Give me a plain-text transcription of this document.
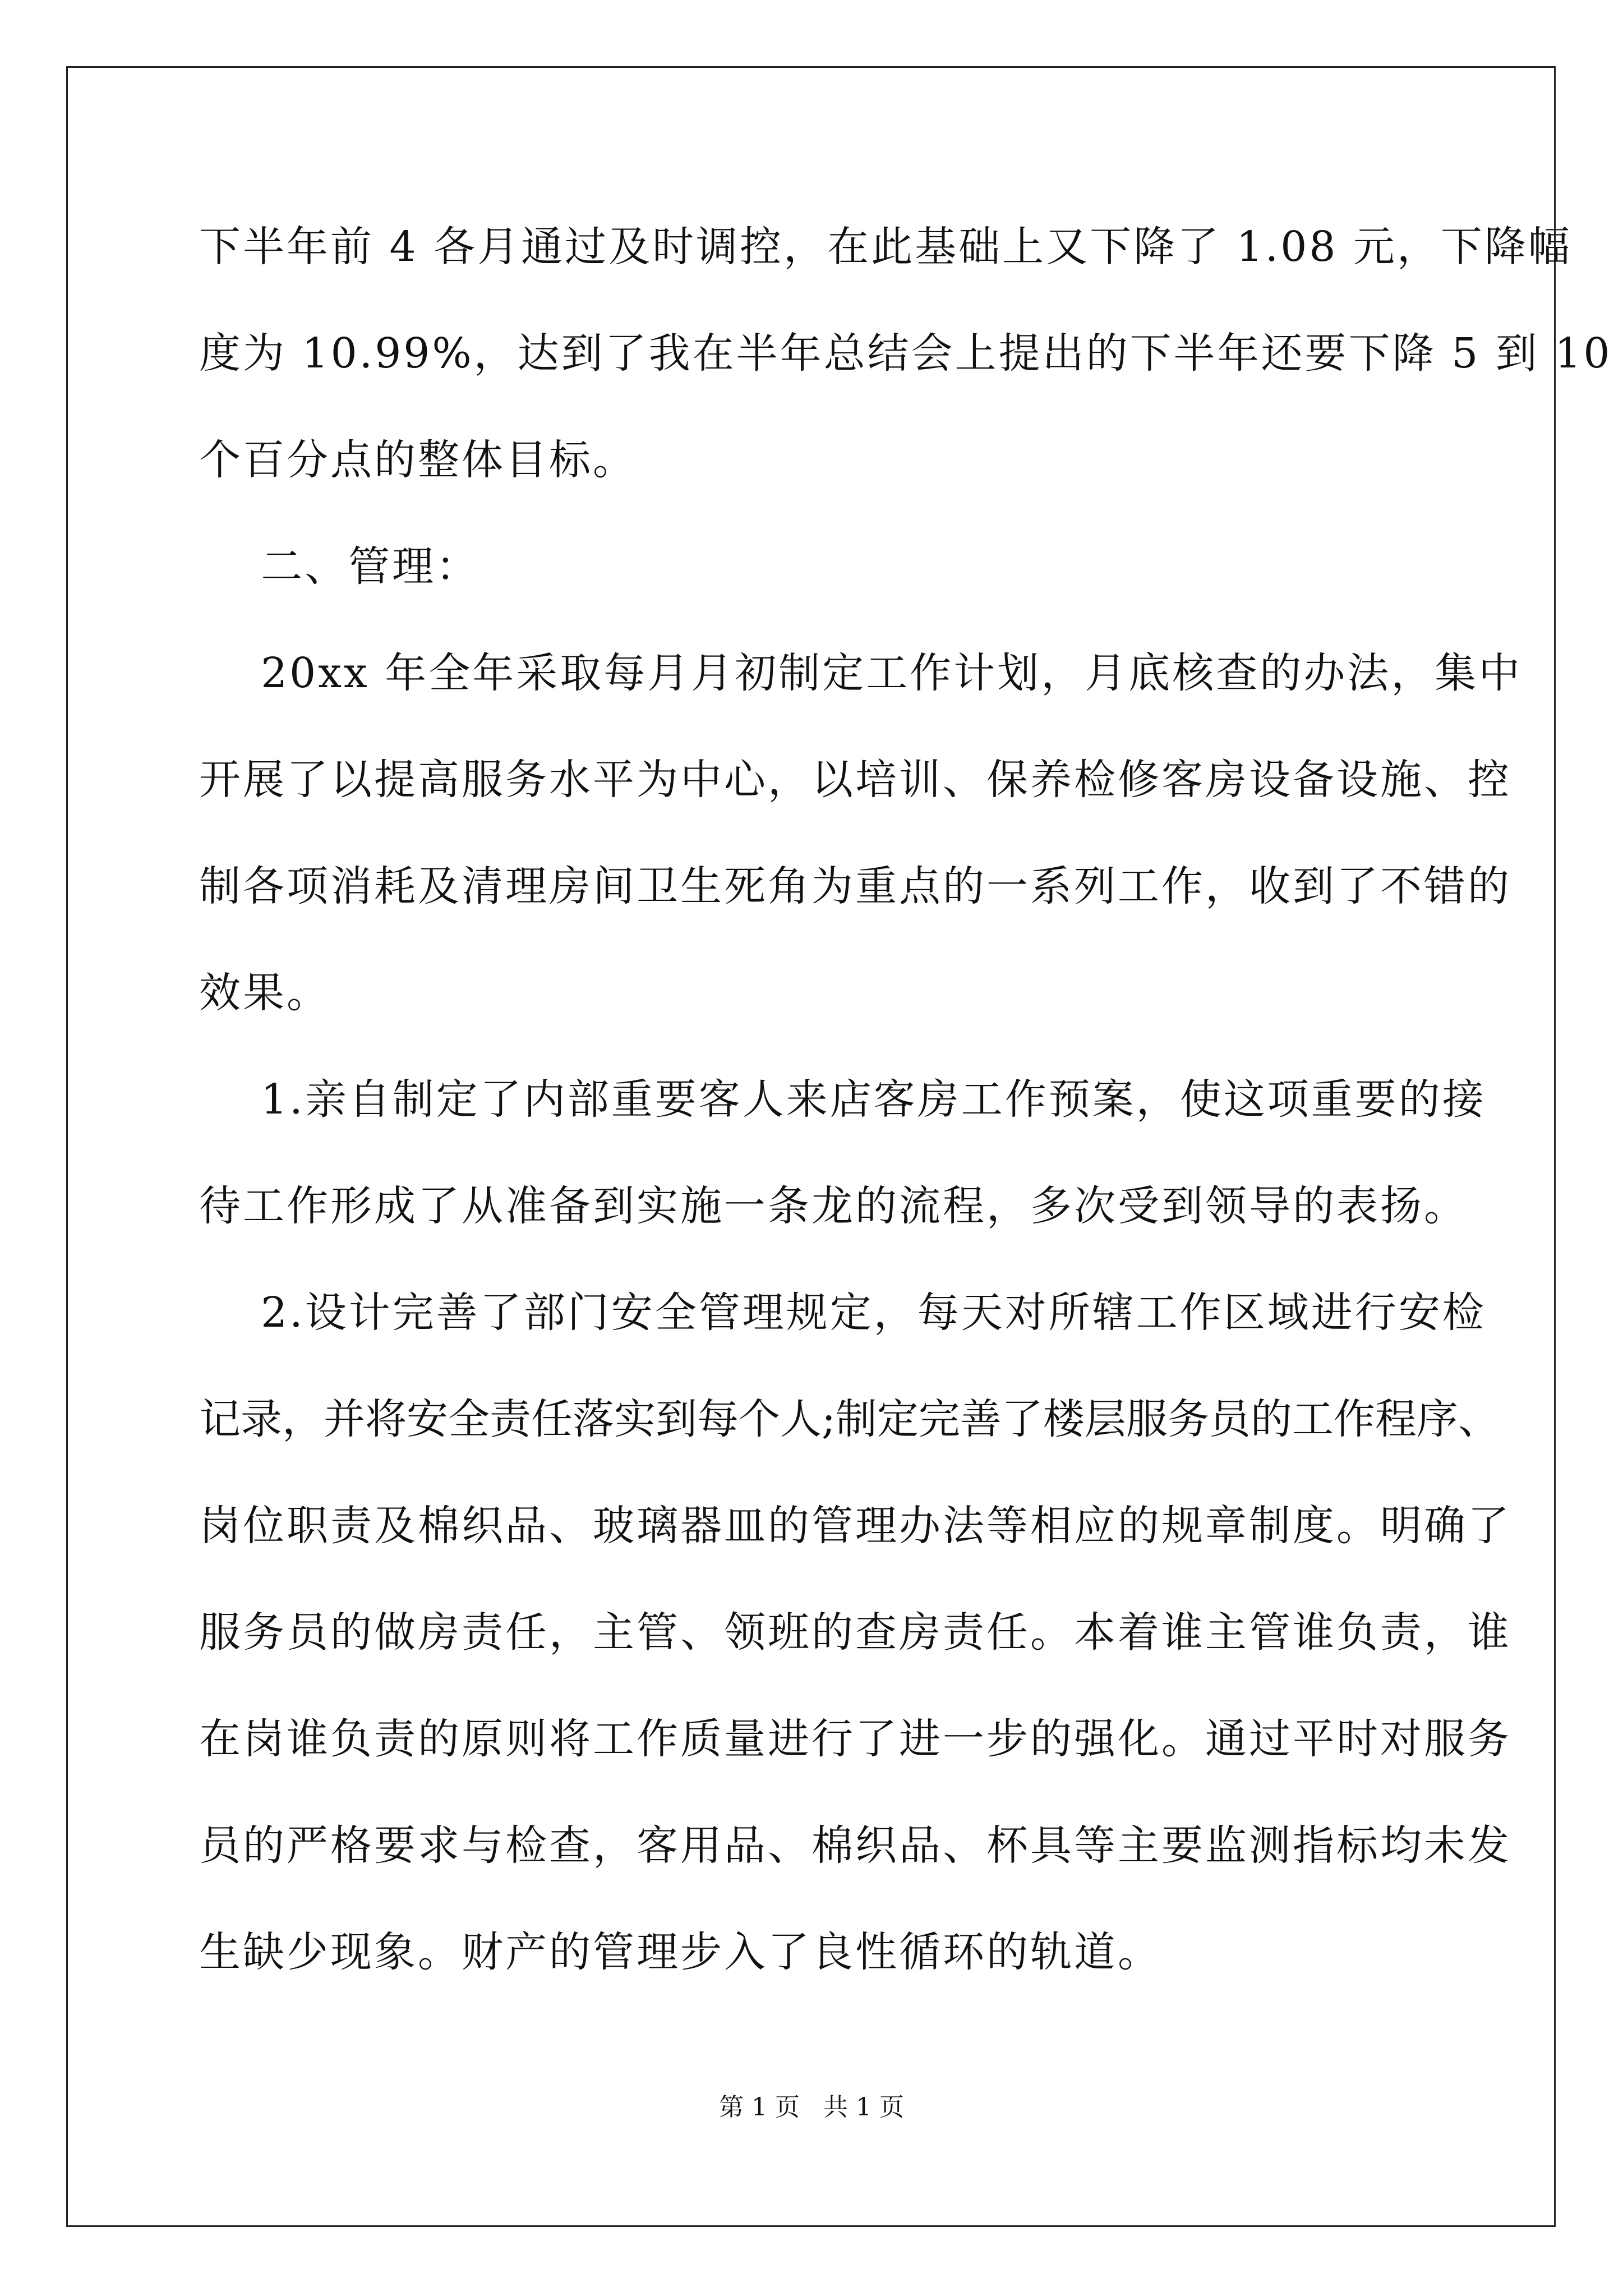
下半年前 4 各月通过及时调控，在此基础上又下降了 1.08 元，下降幅
度为 10.99%，达到了我在半年总结会上提出的下半年还要下降 5 到 10
个百分点的整体目标。
二、管理：
20xx 年全年采取每月月初制定工作计划，月底核查的办法，集中
开展了以提高服务水平为中心，以培训、保养检修客房设备设施、控
制各项消耗及清理房间卫生死角为重点的一系列工作，收到了不错的
效果。
1.亲自制定了内部重要客人来店客房工作预案，使这项重要的接
待工作形成了从准备到实施一条龙的流程，多次受到领导的表扬。
2.设计完善了部门安全管理规定，每天对所辖工作区域进行安检
记录，并将安全责任落实到每个人;制定完善了楼层服务员的工作程序、
岗位职责及棉织品、玻璃器皿的管理办法等相应的规章制度。明确了
服务员的做房责任，主管、领班的查房责任。本着谁主管谁负责，谁
在岗谁负责的原则将工作质量进行了进一步的强化。通过平时对服务
员的严格要求与检查，客用品、棉织品、杯具等主要监测指标均未发
生缺少现象。财产的管理步入了良性循环的轨道。
第 1 页   共 1 页
